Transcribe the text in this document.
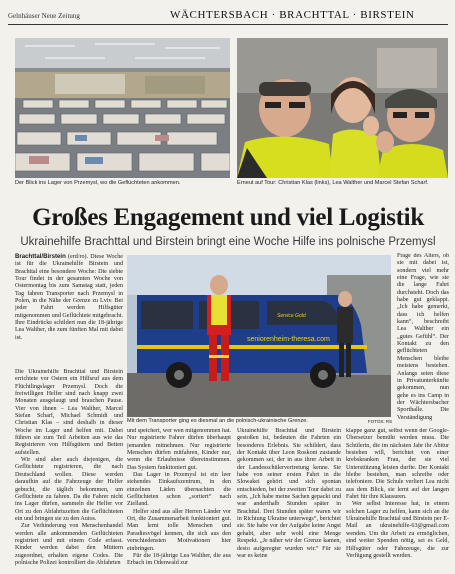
Gelnhäuser Neue Zeitung	WÄCHTERSBACH · BRACHTTAL · BIRSTEIN
Der Blick ins Lager von Przemysl, wo die Geflüchteten ankommen.	Erneut auf Tour: Christian Klas (links), Lea Walther und Marcel Stefan Scharf.
Großes Engagement und viel Logistik
Ukrainehilfe Brachttal und Birstein bringt eine Woche Hilfe ins polnische Przemysl

Brachttal/Birstein (erd/ro). Diese Woche ist für die Ukrainehilfe Birstein und Brachttal eine besondere Woche: Die siebte Tour findet in der gesamten Woche von Ostermontag bis zum Samstag statt, jeden Tag fahren Transporter nach Przemysl in Polen, in die Nähe der Grenze zu Lviv. Bei jeder Fahrt werden Hilfsgüter mitgenommen und Geflüchtete mitgebracht. Ihre Eindrücke schildert nun die 18-jährige Lea Walther, die zum fünften Mal mit dabei ist.	seniorenheim-theresa.com
Service Gold
Mit dem Transporter ging es diesmal an die polnisch-ukrainische Grenze.	FOTOS: RS

Frage des Alters, ob sie mit dabei ist, sondern viel mehr eine Frage, wie sie die lange Fahrt durchsteht. Doch das habe gut geklappt. „Ich habe gemerkt, dass ich helfen kann“, beschreibt Lea Walther ein „gutes Gefühl“. Der Kontakt zu den geflüchteten Menschen bleibe meistens bestehen. Anlangs seien diese in Privatunterkünfte gekommen, nun gehe es ins Camp in der Wächtersbacher Sporthalle. Die Verständigung

Die Ukrainehilfe Brachttal und Birstein errichtete vor Ostern ein Hilfsruf aus dem Flüchtlingslager Przemysl. Doch die freiwilligen Helfer sind nach knapp zwei Monaten ausgelaugt und brauchen Pause. Vier von ihnen – Lea Walther, Marcel Stefan Scharf, Michael Schmidt und Christian Klas – sind deshalb in dieser Woche im Lager und helfen mit. Dabei führen sie zum Teil Arbeiten aus wie das Registrieren von Hilfsgütern und Betten aufstellen.

Wir sind aber auch diejenigen, die Geflüchtete registrieren, die nach Deutschland wollen. Diese werden daraufhin auf die Fahrzeuge der Helfer gebucht, die täglich bekommen, um Geflüchtete zu fahren. Da die Fahrer nicht ins Lager dürfen, sammeln die Helfer vor Ort zu den Abfahrtszeiten die Geflüchteten ein und bringen sie zu den Autos.

Zur Verhinderung von Menschenhandel werden alle ankommenden Geflüchteten registriert und mit einem Code erfasst. Kinder werden dabei den Müttern zugeordnet, erhalten eigene Codes. Die polnische Polizei kontrolliert die Abfahrten

und speichert, wer wen mitgenommen hat. Nur registrierte Fahrer dürfen überhaupt jemanden mitnehmen. Nur registrierte Menschen dürfen mitfahren, Kinder nur, wenn die Erlaubnisse übereinstimmen. Das System funktioniert gut.

Das Lager in Przemysl ist ein leer stehendes Einkaufszentrum, in den einzelnen Läden übernachten die Geflüchteten schon „sortiert“ nach Zielland.

Helfer sind aus aller Herren Länder vor Ort, die Zusammenarbeit funktioniert gut. Man lernt tolle Menschen und Paradiesvögel kennen, die sich aus den verschiedensten Motivationen hier einbringen.

Für die 18-jährige Lea Walther, die aus Erbach im Odenwald zur

Ukrainehilfe Brachttal und Birstein gestoßen ist, bedeuten die Fahrten ein besonderes Erlebnis. Sie schildert, dass der Kontakt über Leon Roskoni zustande gekommen sei, der in aus ihrer Arbeit in der Landesschülervertretung kenne. Sie habe von seiner ersten Fahrt in die Slowakei gehört und sich spontan entschieden, bei der zweiten Tour dabei zu sein. „Ich habe meine Sachen gepackt und war anderthalb Stunden später in Brachttal. Drei Stunden später waren wir in Richtung Ukraine unterwegs“, berichtet sie. Sie habe vor der Aufgabe keine Angst gehabt, aber sehr wohl eine Menge Respekt. „Je näher wir der Grenze kamen, desto aufgeregter wurden wir.“ Für sie war es keine

klappe ganz gut, selbst wenn der Google-Übersetzer bemüht werden muss. Die Schülerin, die im nächsten Jahr ihr Abitur bestehen will, berichtet von einer krebskranken Frau, der sie viel Unterstützung leisten durfte. Der Kontakt bleibe bestehen, man schreibe oder telefoniere. Die Schule verliert Lea nicht aus dem Blick, sie lernt auf der langen Fahrt für ihre Klausuren.

Wer selbst Interesse hat, in einem solchen Lager zu helfen, kann sich an die Ukrainehilfe Brachttal und Birstein per E-Mail an ukrainehilfe-63@gmail.com wenden. Um die Arbeit zu ermöglichen, sind weiter Spenden nötig, sei es Geld, Hilfsgüter oder Fahrzeuge, die zur Verfügung gestellt werden.
